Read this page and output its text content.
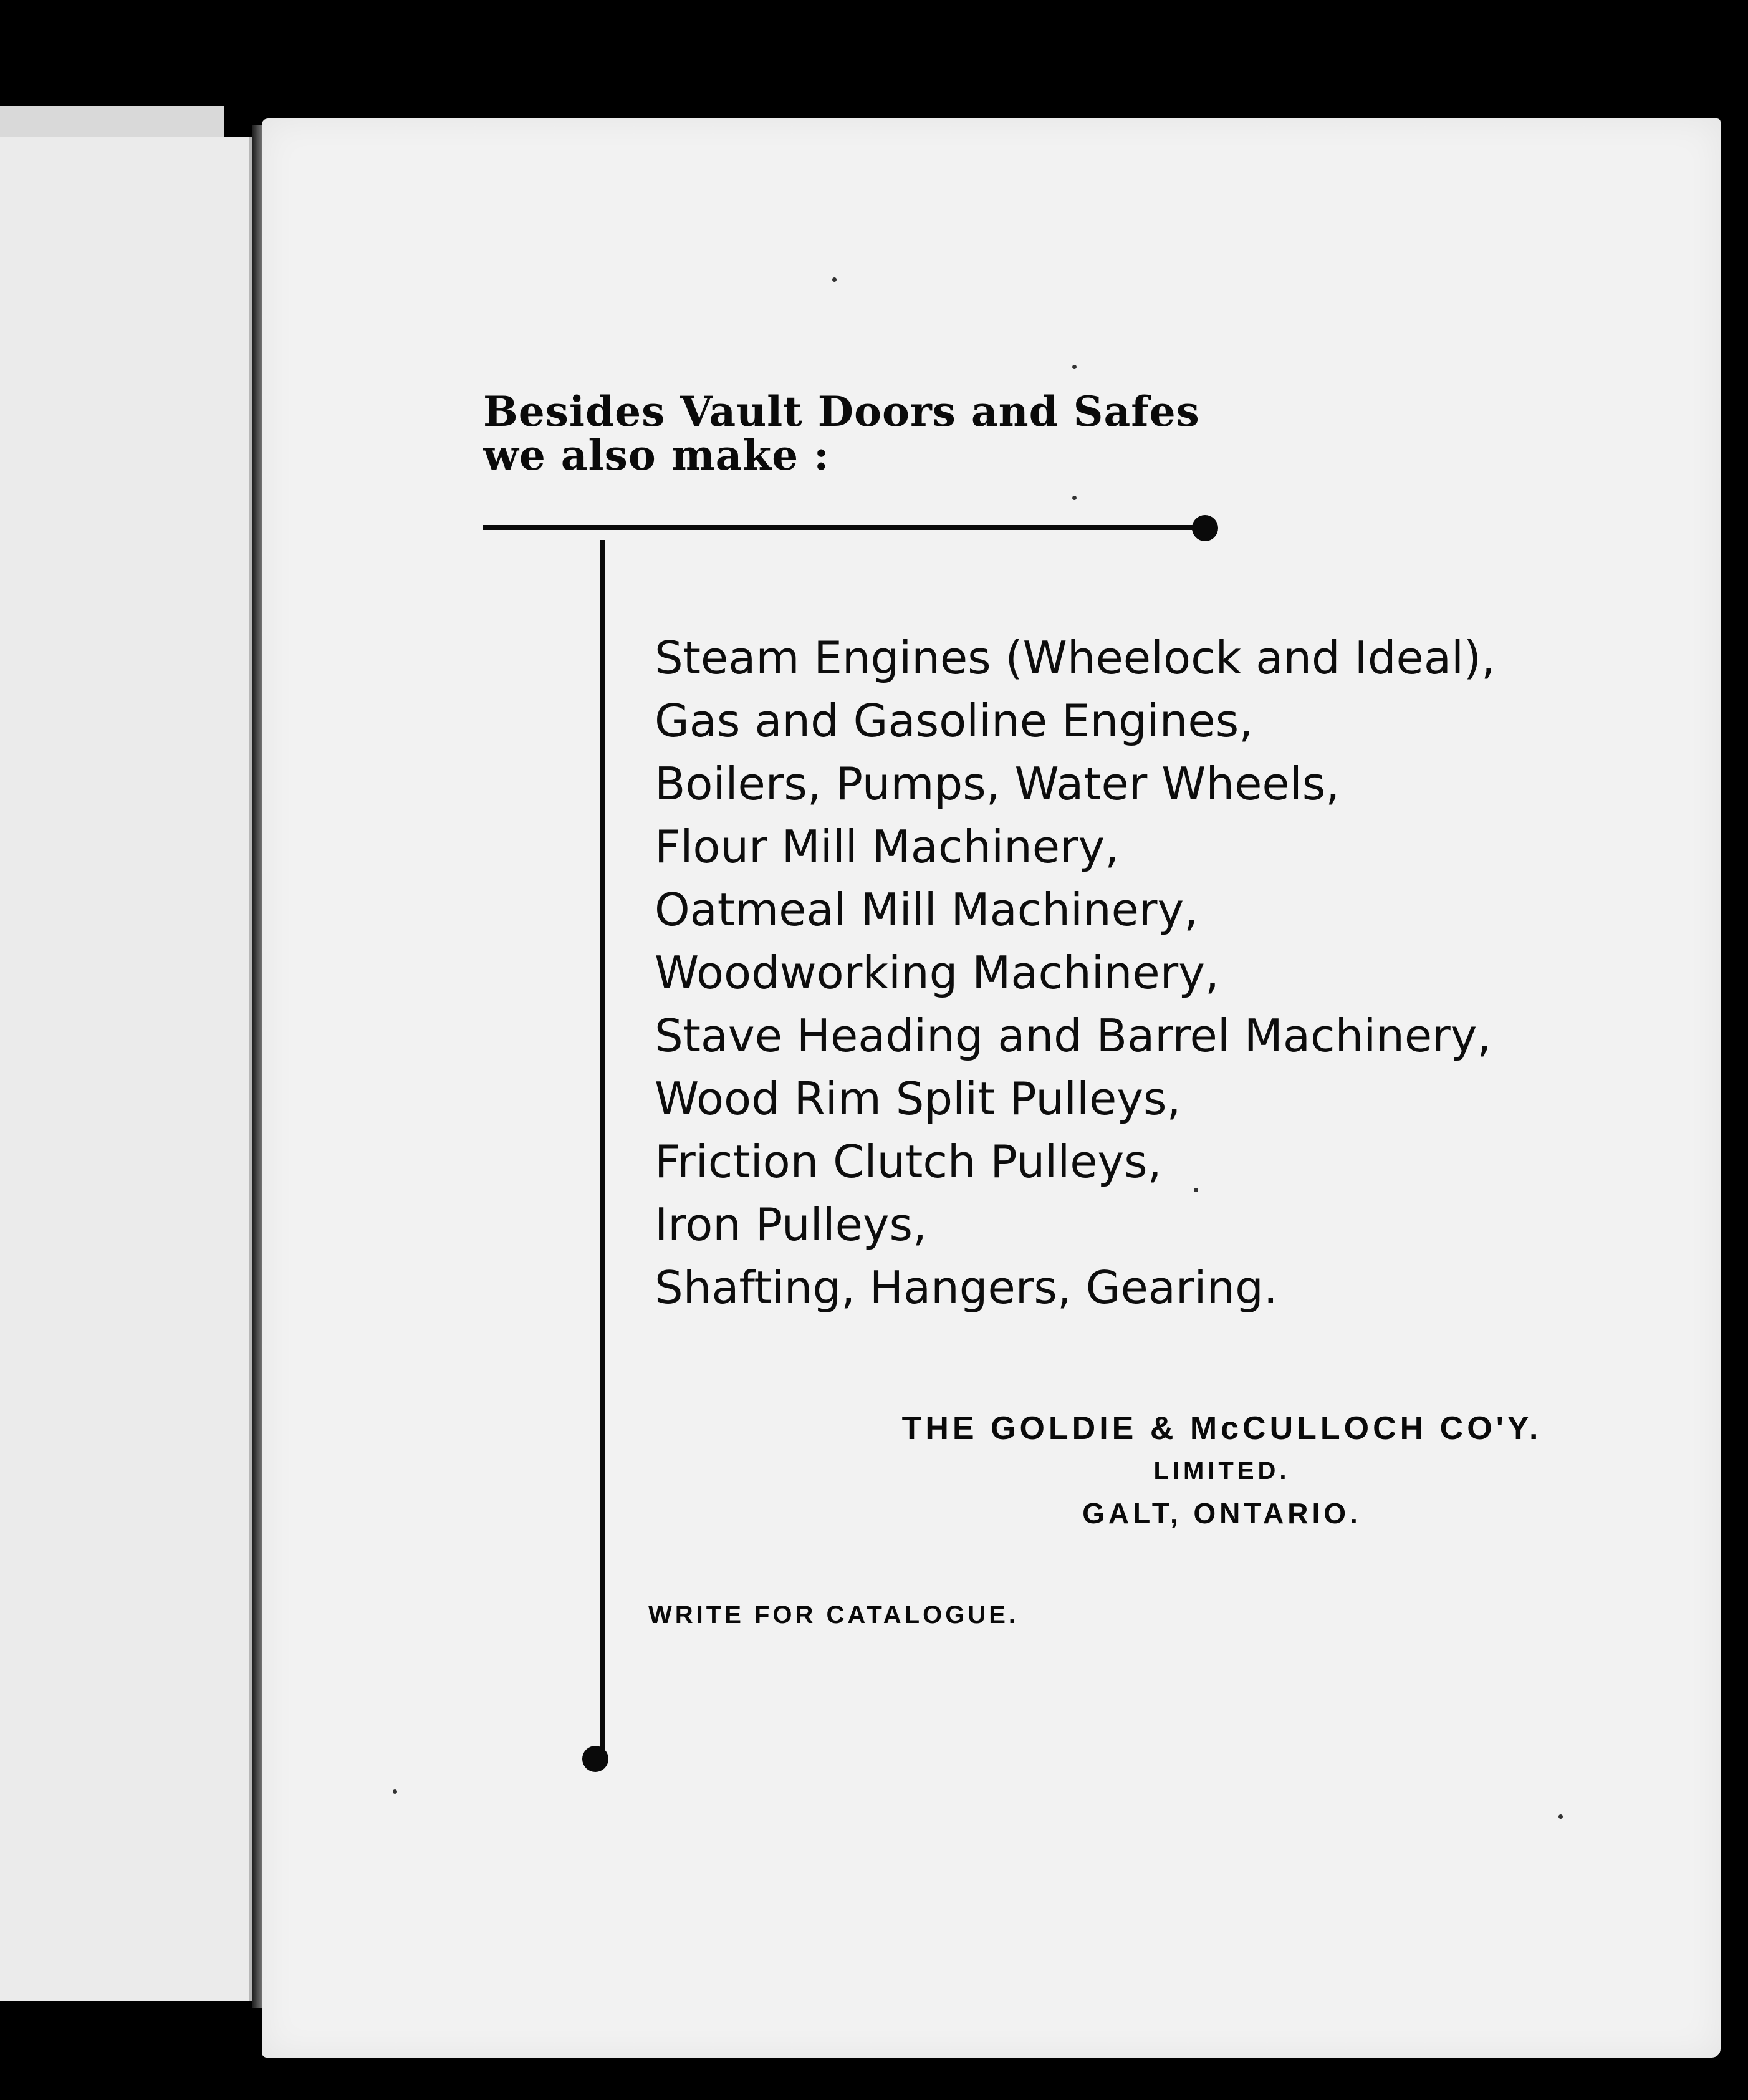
Besides Vault Doors and Safes
we also make :
Steam Engines (Wheelock and Ideal),
Gas and Gasoline Engines,
Boilers, Pumps, Water Wheels,
Flour Mill Machinery,
Oatmeal Mill Machinery,
Woodworking Machinery,
Stave Heading and Barrel Machinery,
Wood Rim Split Pulleys,
Friction Clutch Pulleys,
Iron Pulleys,
Shafting, Hangers, Gearing.
THE GOLDIE & McCULLOCH CO'Y.
LIMITED.
GALT, ONTARIO.
WRITE FOR CATALOGUE.
